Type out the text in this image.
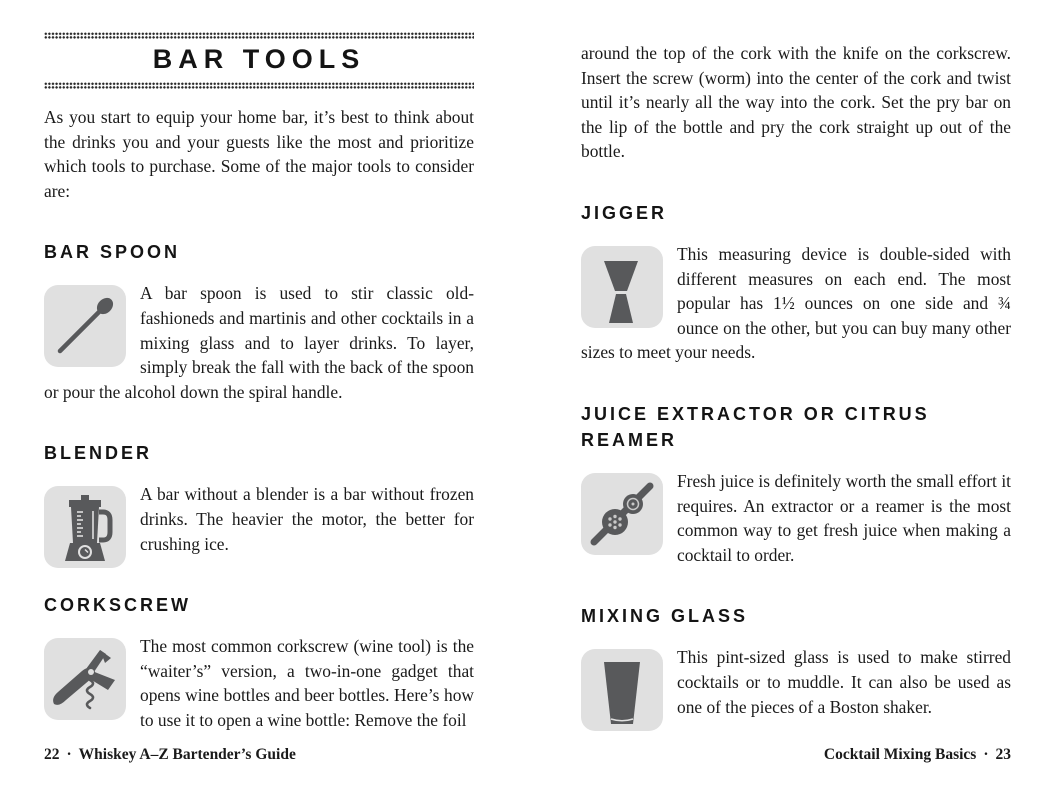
BAR TOOLS

As you start to equip your home bar, it’s best to think about the drinks you and your guests like the most and prioritize which tools to purchase. Some of the major tools to consider are:

BAR SPOON

A bar spoon is used to stir classic old-fashioneds and martinis and other cocktails in a mixing glass and to layer drinks. To layer, simply break the fall with the back of the spoon or pour the alcohol down the spiral handle.

BLENDER

A bar without a blender is a bar without frozen drinks. The heavier the motor, the better for crushing ice.

CORKSCREW

The most common corkscrew (wine tool) is the “waiter’s” version, a two-in-one gadget that opens wine bottles and beer bottles. Here’s how to use it to open a wine bottle: Remove the foil

22 · Whiskey A–Z Bartender’s Guide

around the top of the cork with the knife on the corkscrew. Insert the screw (worm) into the center of the cork and twist until it’s nearly all the way into the cork. Set the pry bar on the lip of the bottle and pry the cork straight up out of the bottle.

JIGGER

This measuring device is double-sided with different measures on each end. The most popular has 1½ ounces on one side and ¾ ounce on the other, but you can buy many other sizes to meet your needs.

JUICE EXTRACTOR OR CITRUS REAMER

Fresh juice is definitely worth the small effort it requires. An extractor or a reamer is the most common way to get fresh juice when making a cocktail to order.

MIXING GLASS

This pint-sized glass is used to make stirred cocktails or to muddle. It can also be used as one of the pieces of a Boston shaker.

Cocktail Mixing Basics · 23
